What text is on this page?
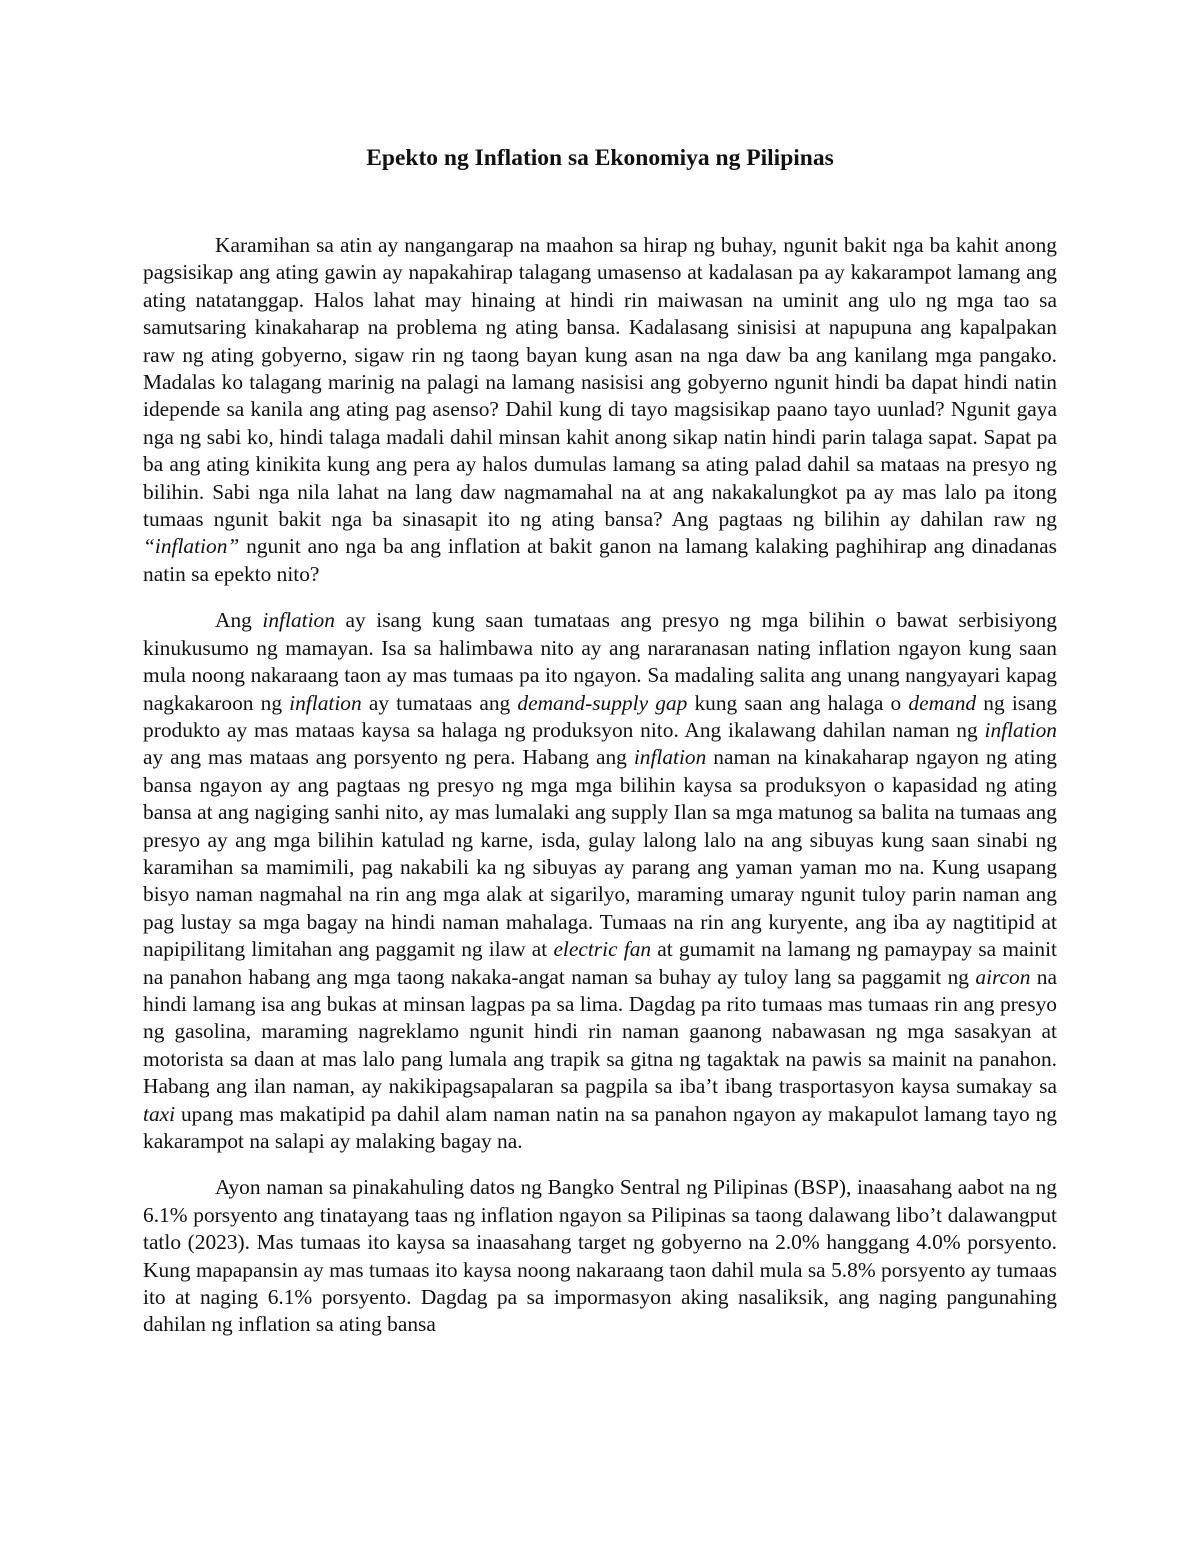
Epekto ng Inflation sa Ekonomiya ng Pilipinas

Karamihan sa atin ay nangangarap na maahon sa hirap ng buhay, ngunit bakit nga ba kahit anong pagsisikap ang ating gawin ay napakahirap talagang umasenso at kadalasan pa ay kakarampot lamang ang ating natatanggap. Halos lahat may hinaing at hindi rin maiwasan na uminit ang ulo ng mga tao sa samutsaring kinakaharap na problema ng ating bansa. Kadalasang sinisisi at napupuna ang kapalpakan raw ng ating gobyerno, sigaw rin ng taong bayan kung asan na nga daw ba ang kanilang mga pangako. Madalas ko talagang marinig na palagi na lamang nasisisi ang gobyerno ngunit hindi ba dapat hindi natin idepende sa kanila ang ating pag asenso? Dahil kung di tayo magsisikap paano tayo uunlad? Ngunit gaya nga ng sabi ko, hindi talaga madali dahil minsan kahit anong sikap natin hindi parin talaga sapat. Sapat pa ba ang ating kinikita kung ang pera ay halos dumulas lamang sa ating palad dahil sa mataas na presyo ng bilihin. Sabi nga nila lahat na lang daw nagmamahal na at ang nakakalungkot pa ay mas lalo pa itong tumaas ngunit bakit nga ba sinasapit ito ng ating bansa? Ang pagtaas ng bilihin ay dahilan raw ng “inflation” ngunit ano nga ba ang inflation at bakit ganon na lamang kalaking paghihirap ang dinadanas natin sa epekto nito?

Ang inflation ay isang kung saan tumataas ang presyo ng mga bilihin o bawat serbisiyong kinukusumo ng mamayan. Isa sa halimbawa nito ay ang nararanasan nating inflation ngayon kung saan mula noong nakaraang taon ay mas tumaas pa ito ngayon. Sa madaling salita ang unang nangyayari kapag nagkakaroon ng inflation ay tumataas ang demand-supply gap kung saan ang halaga o demand ng isang produkto ay mas mataas kaysa sa halaga ng produksyon nito. Ang ikalawang dahilan naman ng inflation ay ang mas mataas ang porsyento ng pera. Habang ang inflation naman na kinakaharap ngayon ng ating bansa ngayon ay ang pagtaas ng presyo ng mga mga bilihin kaysa sa produksyon o kapasidad ng ating bansa at ang nagiging sanhi nito, ay mas lumalaki ang supply Ilan sa mga matunog sa balita na tumaas ang presyo ay ang mga bilihin katulad ng karne, isda, gulay lalong lalo na ang sibuyas kung saan sinabi ng karamihan sa mamimili, pag nakabili ka ng sibuyas ay parang ang yaman yaman mo na. Kung usapang bisyo naman nagmahal na rin ang mga alak at sigarilyo, maraming umaray ngunit tuloy parin naman ang pag lustay sa mga bagay na hindi naman mahalaga. Tumaas na rin ang kuryente, ang iba ay nagtitipid at napipilitang limitahan ang paggamit ng ilaw at electric fan at gumamit na lamang ng pamaypay sa mainit na panahon habang ang mga taong nakaka-angat naman sa buhay ay tuloy lang sa paggamit ng aircon na hindi lamang isa ang bukas at minsan lagpas pa sa lima. Dagdag pa rito tumaas mas tumaas rin ang presyo ng gasolina, maraming nagreklamo ngunit hindi rin naman gaanong nabawasan ng mga sasakyan at motorista sa daan at mas lalo pang lumala ang trapik sa gitna ng tagaktak na pawis sa mainit na panahon. Habang ang ilan naman, ay nakikipagsapalaran sa pagpila sa iba’t ibang trasportasyon kaysa sumakay sa taxi upang mas makatipid pa dahil alam naman natin na sa panahon ngayon ay makapulot lamang tayo ng kakarampot na salapi ay malaking bagay na.

Ayon naman sa pinakahuling datos ng Bangko Sentral ng Pilipinas (BSP), inaasahang aabot na ng 6.1% porsyento ang tinatayang taas ng inflation ngayon sa Pilipinas sa taong dalawang libo’t dalawangput tatlo (2023). Mas tumaas ito kaysa sa inaasahang target ng gobyerno na 2.0% hanggang 4.0% porsyento. Kung mapapansin ay mas tumaas ito kaysa noong nakaraang taon dahil mula sa 5.8% porsyento ay tumaas ito at naging 6.1% porsyento. Dagdag pa sa impormasyon aking nasaliksik, ang naging pangunahing dahilan ng inflation sa ating bansa
